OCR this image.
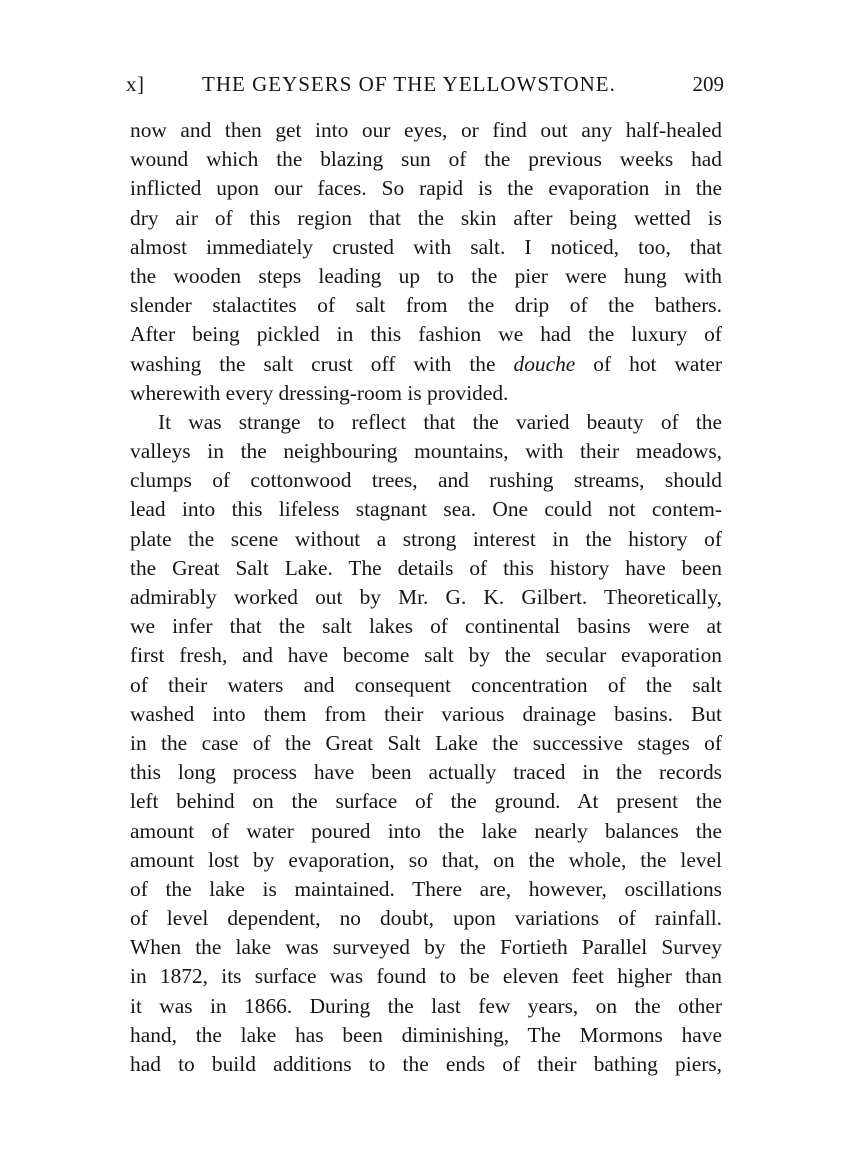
x]	THE GEYSERS OF THE YELLOWSTONE.	209
now and then get into our eyes, or find out any half-healed
wound which the blazing sun of the previous weeks had
inflicted upon our faces. So rapid is the evaporation in the
dry air of this region that the skin after being wetted is
almost immediately crusted with salt. I noticed, too, that
the wooden steps leading up to the pier were hung with
slender stalactites of salt from the drip of the bathers.
After being pickled in this fashion we had the luxury of
washing the salt crust off with the douche of hot water
wherewith every dressing-room is provided.
It was strange to reflect that the varied beauty of the
valleys in the neighbouring mountains, with their meadows,
clumps of cottonwood trees, and rushing streams, should
lead into this lifeless stagnant sea. One could not contem-
plate the scene without a strong interest in the history of
the Great Salt Lake. The details of this history have been
admirably worked out by Mr. G. K. Gilbert. Theoretically,
we infer that the salt lakes of continental basins were at
first fresh, and have become salt by the secular evaporation
of their waters and consequent concentration of the salt
washed into them from their various drainage basins. But
in the case of the Great Salt Lake the successive stages of
this long process have been actually traced in the records
left behind on the surface of the ground. At present the
amount of water poured into the lake nearly balances the
amount lost by evaporation, so that, on the whole, the level
of the lake is maintained. There are, however, oscillations
of level dependent, no doubt, upon variations of rainfall.
When the lake was surveyed by the Fortieth Parallel Survey
in 1872, its surface was found to be eleven feet higher than
it was in 1866. During the last few years, on the other
hand, the lake has been diminishing, The Mormons have
had to build additions to the ends of their bathing piers,
